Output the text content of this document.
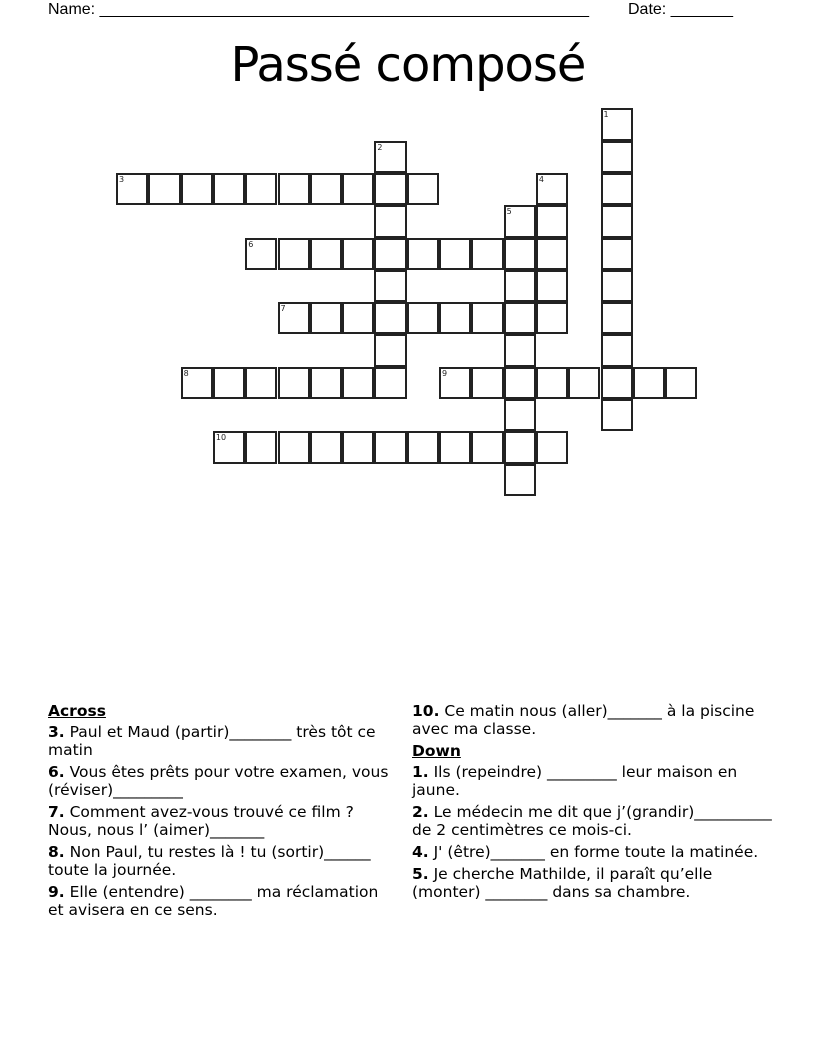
Name: _______________________________________________________ Date: _______
Passé composé
1
2
3	4
5
6
7
8	9
10
Across
3. Paul et Maud (partir)________ très tôt ce matin
6. Vous êtes prêts pour votre examen, vous (réviser)_________
7. Comment avez-vous trouvé ce film ? Nous, nous l’ (aimer)_______
8. Non Paul, tu restes là ! tu (sortir)______ toute la journée.
9. Elle (entendre) ________ ma réclamation et avisera en ce sens.
10. Ce matin nous (aller)_______ à la piscine avec ma classe.
Down
1. Ils (repeindre) _________ leur maison en jaune.
2. Le médecin me dit que j’(grandir)__________ de 2 centimètres ce mois-ci.
4. J' (être)_______ en forme toute la matinée.
5. Je cherche Mathilde, il paraît qu’elle (monter) ________ dans sa chambre.
